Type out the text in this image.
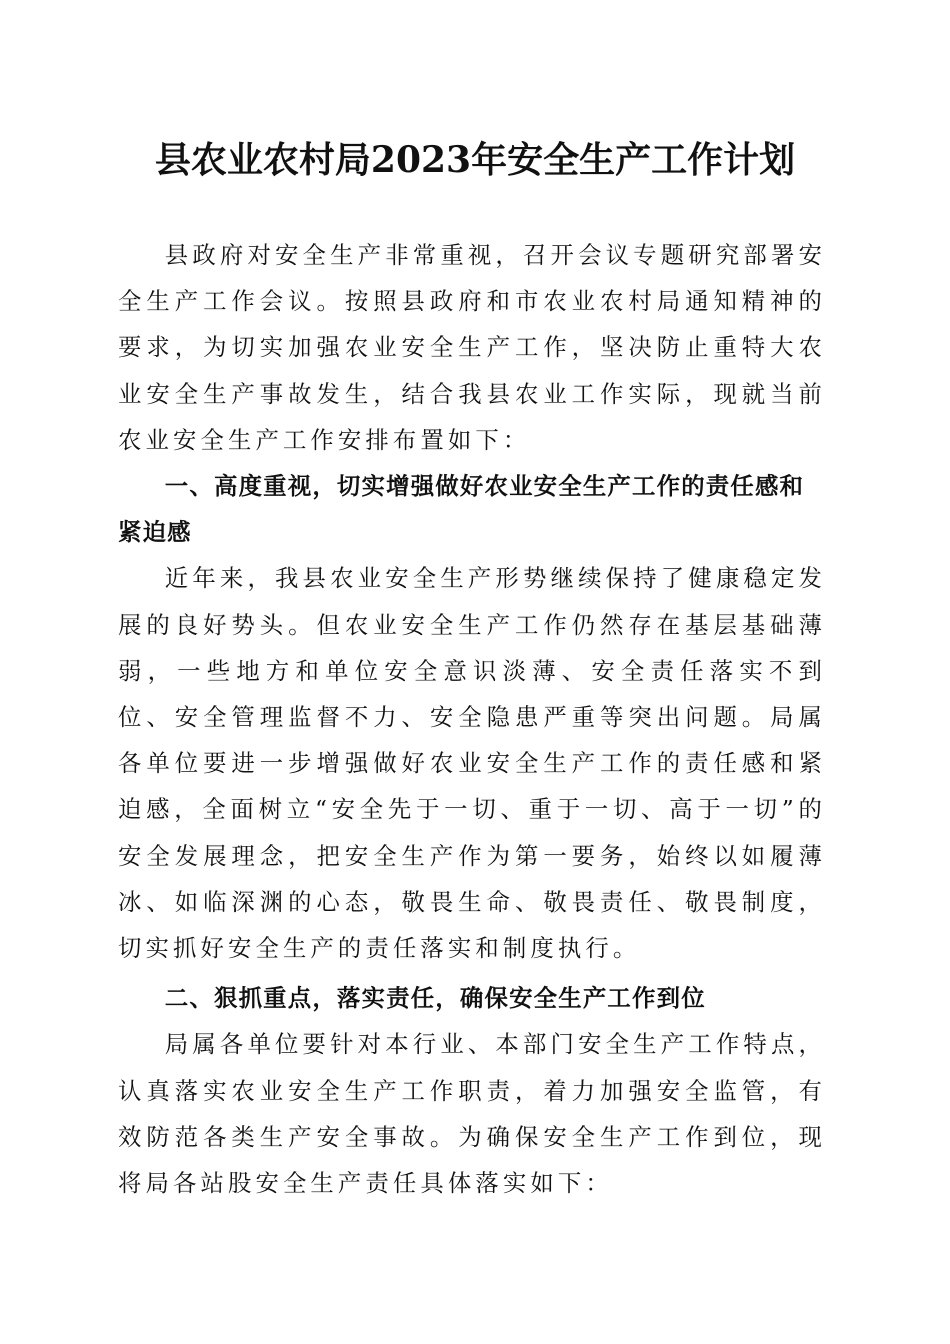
县农业农村局2023年安全生产工作计划

县政府对安全生产非常重视，召开会议专题研究部署安全生产工作会议。按照县政府和市农业农村局通知精神的要求，为切实加强农业安全生产工作，坚决防止重特大农业安全生产事故发生，结合我县农业工作实际，现就当前农业安全生产工作安排布置如下：

一、高度重视，切实增强做好农业安全生产工作的责任感和紧迫感

近年来，我县农业安全生产形势继续保持了健康稳定发展的良好势头。但农业安全生产工作仍然存在基层基础薄弱，一些地方和单位安全意识淡薄、安全责任落实不到位、安全管理监督不力、安全隐患严重等突出问题。局属各单位要进一步增强做好农业安全生产工作的责任感和紧迫感，全面树立“安全先于一切、重于一切、高于一切”的安全发展理念，把安全生产作为第一要务，始终以如履薄冰、如临深渊的心态，敬畏生命、敬畏责任、敬畏制度，切实抓好安全生产的责任落实和制度执行。

二、狠抓重点，落实责任，确保安全生产工作到位

局属各单位要针对本行业、本部门安全生产工作特点，认真落实农业安全生产工作职责，着力加强安全监管，有效防范各类生产安全事故。为确保安全生产工作到位，现将局各站股安全生产责任具体落实如下：
